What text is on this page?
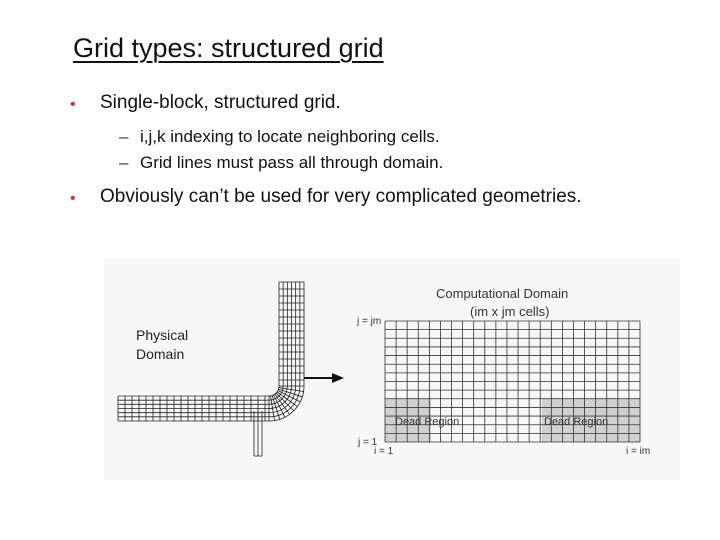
Grid types: structured grid
• Single-block, structured grid.
– i,j,k indexing to locate neighboring cells.
– Grid lines must pass all through domain.
• Obviously can’t be used for very complicated geometries.
Physical
Domain
Computational Domain
(im x jm cells)
Dead Region	Dead Region
j = jm
j = 1
i = 1	i = im
